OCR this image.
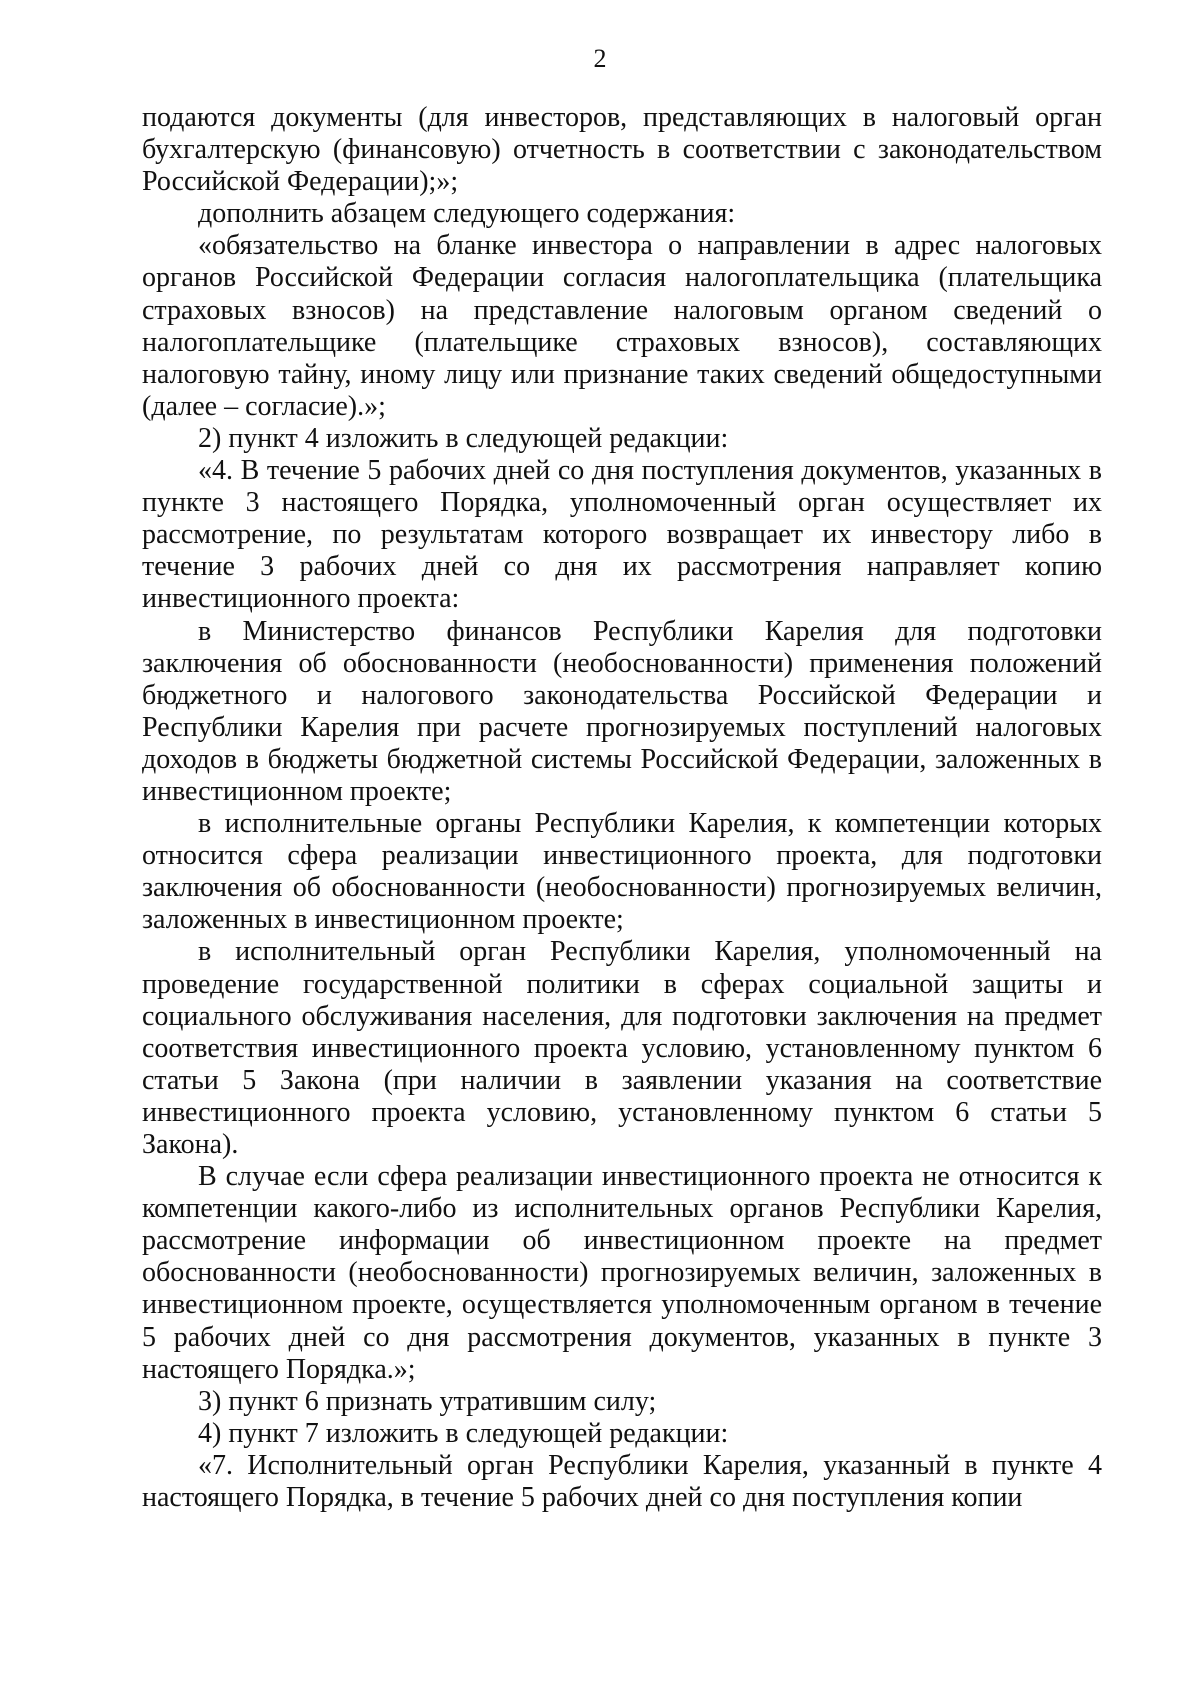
2

подаются документы (для инвесторов, представляющих в налоговый орган бухгалтерскую (финансовую) отчетность в соответствии с законодательством Российской Федерации);»;

дополнить абзацем следующего содержания:

«обязательство на бланке инвестора о направлении в адрес налоговых органов Российской Федерации согласия налогоплательщика (плательщика страховых взносов) на представление налоговым органом сведений о налогоплательщике (плательщике страховых взносов), составляющих налоговую тайну, иному лицу или признание таких сведений общедоступными (далее – согласие).»;

2) пункт 4 изложить в следующей редакции:

«4. В течение 5 рабочих дней со дня поступления документов, указанных в пункте 3 настоящего Порядка, уполномоченный орган осуществляет их рассмотрение, по результатам которого возвращает их инвестору либо в течение 3 рабочих дней со дня их рассмотрения направляет копию инвестиционного проекта:

в Министерство финансов Республики Карелия для подготовки заключения об обоснованности (необоснованности) применения положений бюджетного и налогового законодательства Российской Федерации и Республики Карелия при расчете прогнозируемых поступлений налоговых доходов в бюджеты бюджетной системы Российской Федерации, заложенных в инвестиционном проекте;

в исполнительные органы Республики Карелия, к компетенции которых относится сфера реализации инвестиционного проекта, для подготовки заключения об обоснованности (необоснованности) прогнозируемых величин, заложенных в инвестиционном проекте;

в исполнительный орган Республики Карелия, уполномоченный на проведение государственной политики в сферах социальной защиты и социального обслуживания населения, для подготовки заключения на предмет соответствия инвестиционного проекта условию, установленному пунктом 6 статьи 5 Закона (при наличии в заявлении указания на соответствие инвестиционного проекта условию, установленному пунктом 6 статьи 5 Закона).

В случае если сфера реализации инвестиционного проекта не относится к компетенции какого-либо из исполнительных органов Республики Карелия, рассмотрение информации об инвестиционном проекте на предмет обоснованности (необоснованности) прогнозируемых величин, заложенных в инвестиционном проекте, осуществляется уполномоченным органом в течение 5 рабочих дней со дня рассмотрения документов, указанных в пункте 3 настоящего Порядка.»;

3) пункт 6 признать утратившим силу;

4) пункт 7 изложить в следующей редакции:

«7. Исполнительный орган Республики Карелия, указанный в пункте 4 настоящего Порядка, в течение 5 рабочих дней со дня поступления копии
